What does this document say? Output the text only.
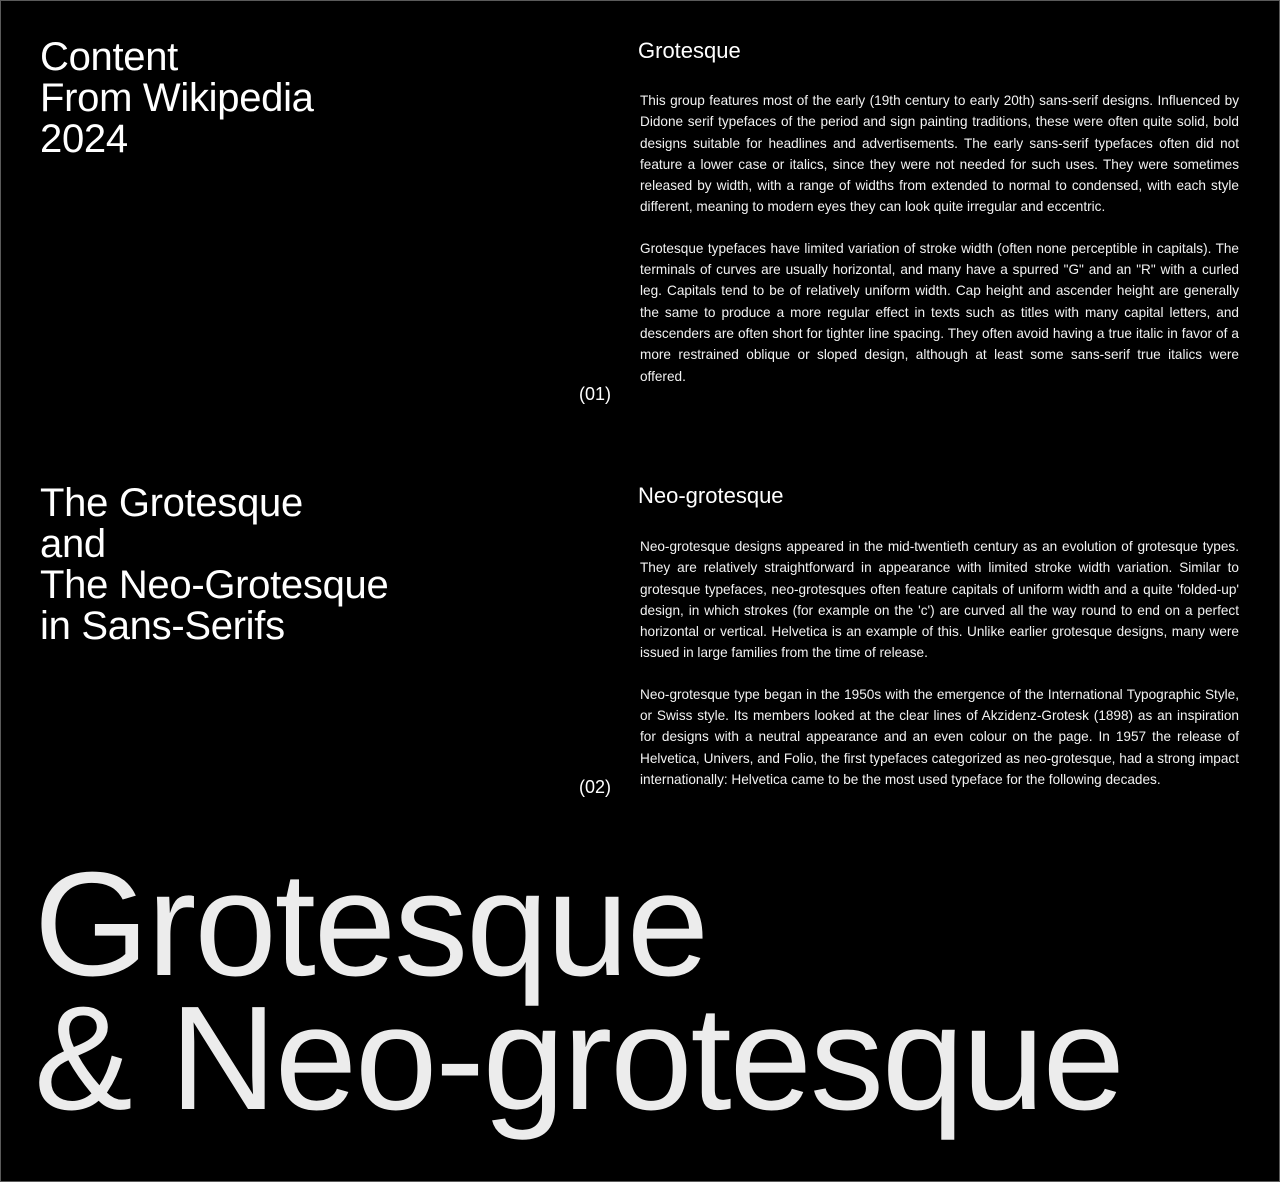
Content
From Wikipedia
2024
The Grotesque
and
The Neo-Grotesque
in Sans-Serifs
Grotesque

This group features most of the early (19th century to early 20th) sans-serif designs. Influenced by Didone serif typefaces of the period and sign painting traditions, these were often quite solid, bold designs suitable for headlines and advertisements. The early sans-serif typefaces often did not feature a lower case or italics, since they were not needed for such uses. They were sometimes released by width, with a range of widths from extended to normal to condensed, with each style different, meaning to modern eyes they can look quite irregular and eccentric.

Grotesque typefaces have limited variation of stroke width (often none perceptible in capitals). The terminals of curves are usually horizontal, and many have a spurred "G" and an "R" with a curled leg. Capitals tend to be of relatively uniform width. Cap height and ascender height are generally the same to produce a more regular effect in texts such as titles with many capital letters, and descenders are often short for tighter line spacing. They often avoid having a true italic in favor of a more restrained oblique or sloped design, although at least some sans-serif true italics were offered.

(01)
Neo-grotesque

Neo-grotesque designs appeared in the mid-twentieth century as an evolution of grotesque types. They are relatively straightforward in appearance with limited stroke width variation. Similar to grotesque typefaces, neo-grotesques often feature capitals of uniform width and a quite 'folded-up' design, in which strokes (for example on the 'c') are curved all the way round to end on a perfect horizontal or vertical. Helvetica is an example of this. Unlike earlier grotesque designs, many were issued in large families from the time of release.

Neo-grotesque type began in the 1950s with the emergence of the International Typographic Style, or Swiss style. Its members looked at the clear lines of Akzidenz-Grotesk (1898) as an inspiration for designs with a neutral appearance and an even colour on the page. In 1957 the release of Helvetica, Univers, and Folio, the first typefaces categorized as neo-grotesque, had a strong impact internationally: Helvetica came to be the most used typeface for the following decades.

(02)
Grotesque
& Neo-grotesque
